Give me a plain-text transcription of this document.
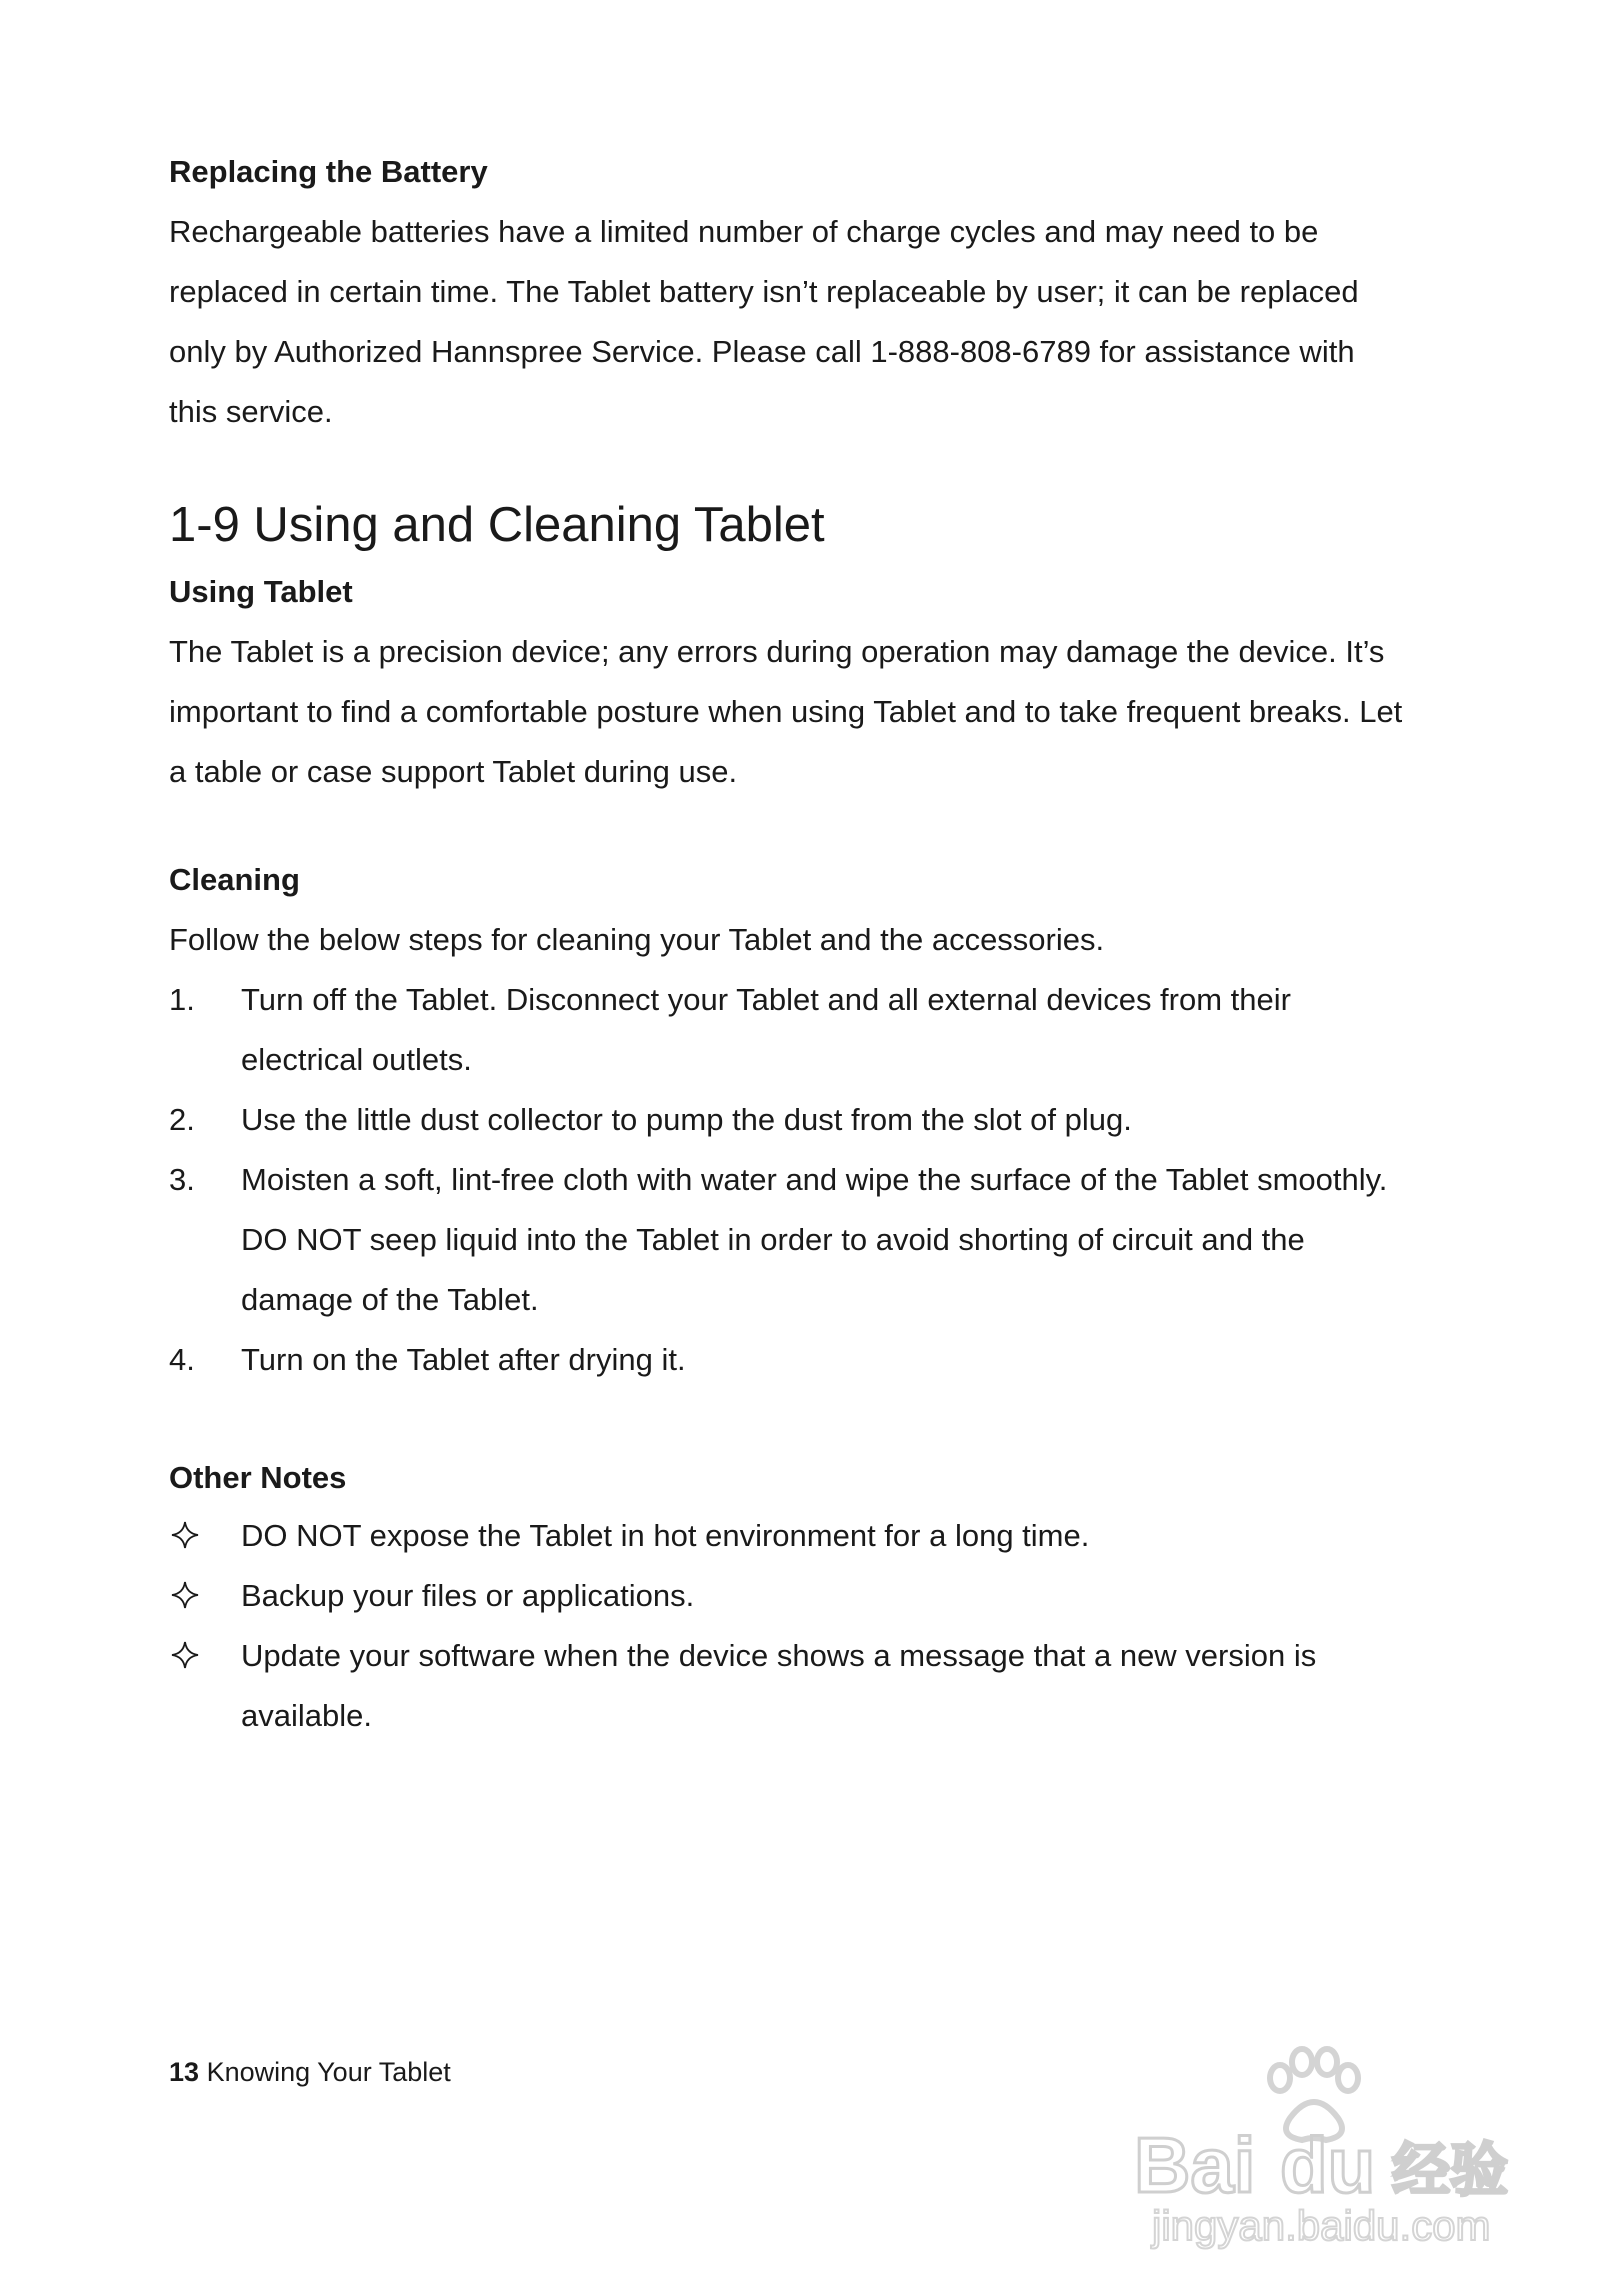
Replacing the Battery
Rechargeable batteries have a limited number of charge cycles and may need to be
replaced in certain time. The Tablet battery isn’t replaceable by user; it can be replaced
only by Authorized Hannspree Service. Please call 1-888-808-6789 for assistance with
this service.
1-9 Using and Cleaning Tablet
Using Tablet
The Tablet is a precision device; any errors during operation may damage the device. It’s
important to find a comfortable posture when using Tablet and to take frequent breaks. Let
a table or case support Tablet during use.
Cleaning
Follow the below steps for cleaning your Tablet and the accessories.
1. Turn off the Tablet. Disconnect your Tablet and all external devices from their
electrical outlets.
2. Use the little dust collector to pump the dust from the slot of plug.
3. Moisten a soft, lint-free cloth with water and wipe the surface of the Tablet smoothly.
DO NOT seep liquid into the Tablet in order to avoid shorting of circuit and the
damage of the Tablet.
4. Turn on the Tablet after drying it.
Other Notes
DO NOT expose the Tablet in hot environment for a long time.
Backup your files or applications.
Update your software when the device shows a message that a new version is
available.
13 Knowing Your Tablet
Bai du 经验
jingyan.baidu.com
